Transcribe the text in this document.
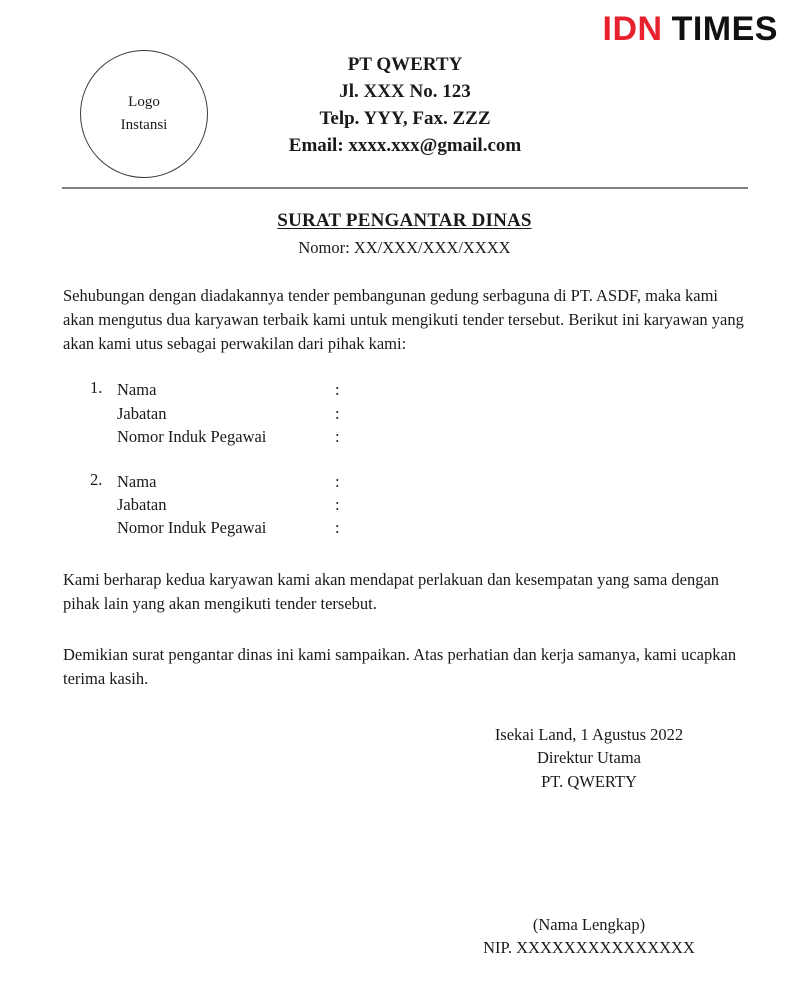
IDN TIMES
Logo
Instansi
PT QWERTY
Jl. XXX No. 123
Telp. YYY, Fax. ZZZ
Email: xxxx.xxx@gmail.com
SURAT PENGANTAR DINAS
Nomor: XX/XXX/XXX/XXXX
Sehubungan dengan diadakannya tender pembangunan gedung serbaguna di PT. ASDF, maka kami akan mengutus dua karyawan terbaik kami untuk mengikuti tender tersebut. Berikut ini karyawan yang akan kami utus sebagai perwakilan dari pihak kami:
1. Nama	:
Jabatan	:
Nomor Induk Pegawai	:
2. Nama	:
Jabatan	:
Nomor Induk Pegawai	:
Kami berharap kedua karyawan kami akan mendapat perlakuan dan kesempatan yang sama dengan pihak lain yang akan mengikuti tender tersebut.
Demikian surat pengantar dinas ini kami sampaikan. Atas perhatian dan kerja samanya, kami ucapkan terima kasih.
Isekai Land, 1 Agustus 2022
Direktur Utama
PT. QWERTY
(Nama Lengkap)
NIP. XXXXXXXXXXXXXXX
